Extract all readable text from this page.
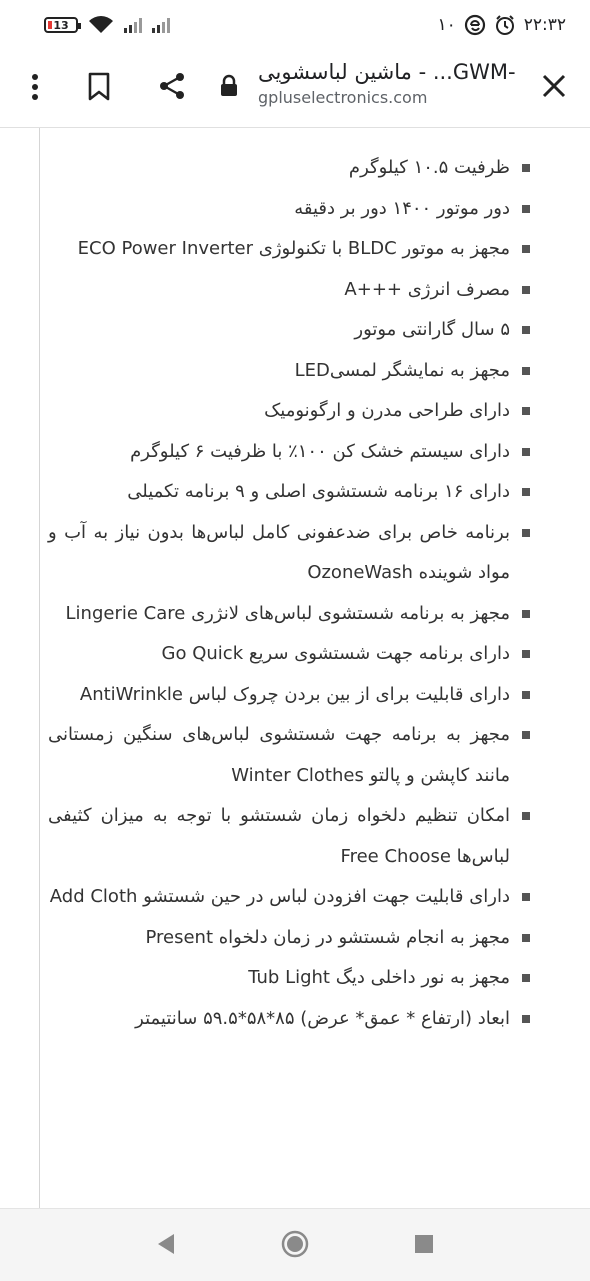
13	۱۰	۲۲:۳۲
ماشین لباسشویی - ...GWM-
gpluselectronics.com
ظرفیت ۱۰.۵ کیلوگرم
دور موتور ۱۴۰۰ دور بر دقیقه
مجهز به موتور BLDC با تکنولوژی ECO Power Inverter
مصرف انرژی +++A
۵ سال گارانتی موتور
مجهز به نمایشگر لمسیLED
دارای طراحی مدرن و ارگونومیک
دارای سیستم خشک کن ۱۰۰٪ با ظرفیت ۶ کیلوگرم
دارای ۱۶ برنامه شستشوی اصلی و ۹ برنامه تکمیلی
برنامه خاص برای ضدعفونی کامل لباس‌ها بدون نیاز به آب و مواد شوینده OzoneWash
مجهز به برنامه شستشوی لباس‌های لانژری Lingerie Care
دارای برنامه جهت شستشوی سریع Go Quick
دارای قابلیت برای از بین بردن چروک لباس AntiWrinkle
مجهز به برنامه جهت شستشوی لباس‌های سنگین زمستانی مانند کاپشن و پالتو Winter Clothes
امکان تنظیم دلخواه زمان شستشو با توجه به میزان کثیفی لباس‌ها Free Choose
دارای قابلیت جهت افزودن لباس در حین شستشو Add Cloth
مجهز به انجام شستشو در زمان دلخواه Present
مجهز به نور داخلی دیگ Tub Light
ابعاد (ارتفاع * عمق* عرض) ۸۵*۵۸*۵۹.۵ سانتیمتر
